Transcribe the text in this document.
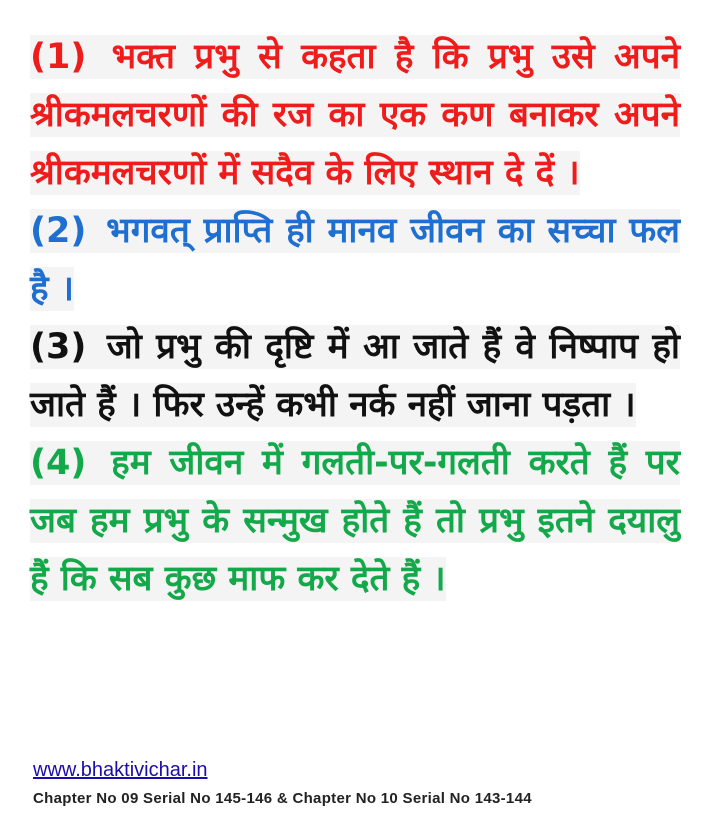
(1) भक्त प्रभु से कहता है कि प्रभु उसे अपने श्रीकमलचरणों की रज का एक कण बनाकर अपने श्रीकमलचरणों में सदैव के लिए स्थान दे दें ।

(2) भगवत् प्राप्ति ही मानव जीवन का सच्चा फल है ।

(3) जो प्रभु की दृष्टि में आ जाते हैं वे निष्पाप हो जाते हैं । फिर उन्हें कभी नर्क नहीं जाना पड़ता ।

(4) हम जीवन में गलती-पर-गलती करते हैं पर जब हम प्रभु के सन्मुख होते हैं तो प्रभु इतने दयालु हैं कि सब कुछ माफ कर देते हैं ।

www.bhaktivichar.in
Chapter No 09 Serial No 145-146 & Chapter No 10 Serial No 143-144
